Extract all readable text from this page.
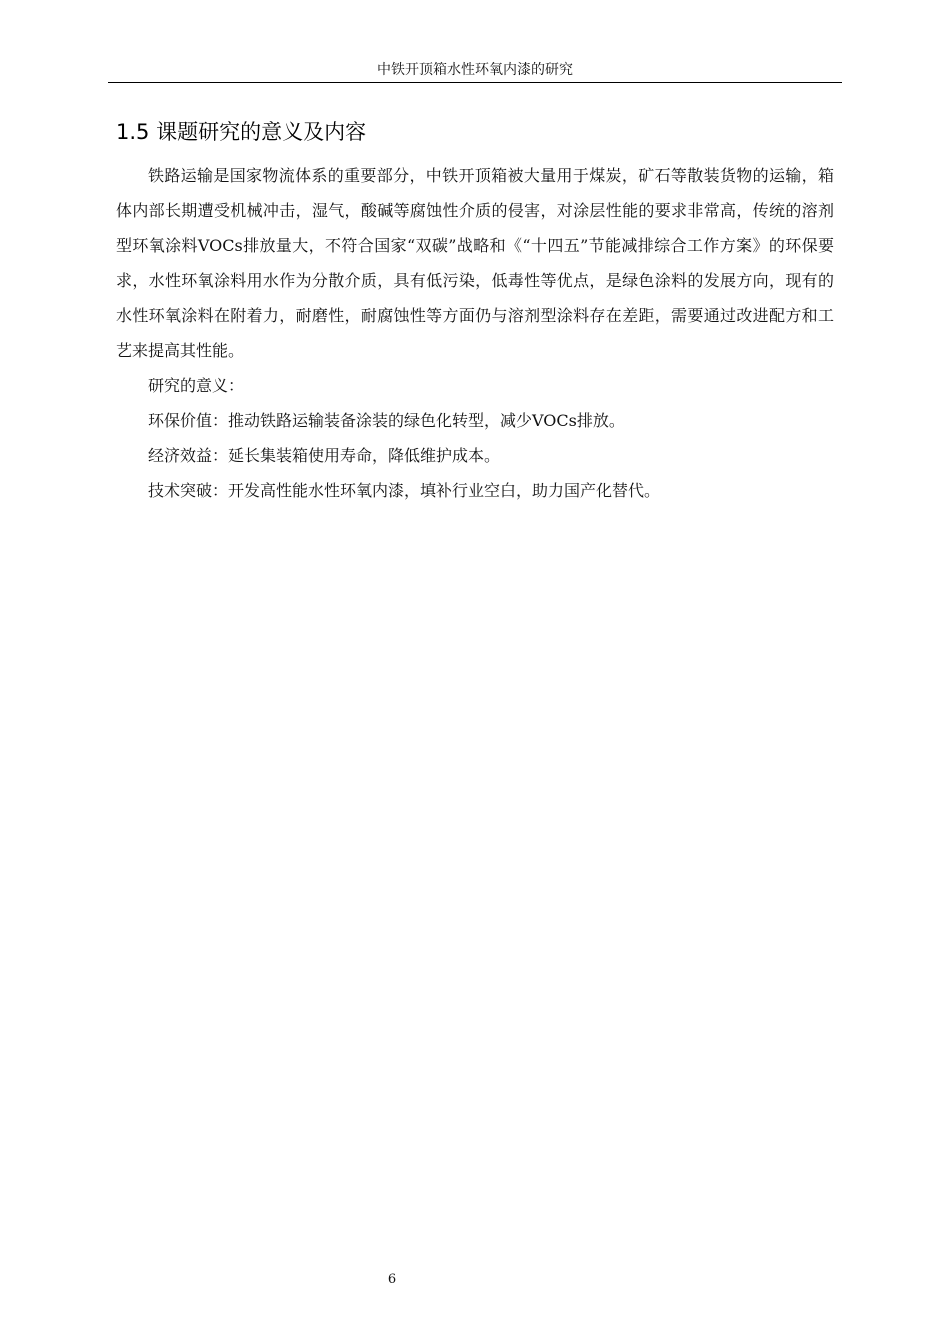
中铁开顶箱水性环氧内漆的研究
1.5 课题研究的意义及内容

铁路运输是国家物流体系的重要部分，中铁开顶箱被大量用于煤炭，矿石等散装货物的运输，箱体内部长期遭受机械冲击，湿气，酸碱等腐蚀性介质的侵害，对涂层性能的要求非常高，传统的溶剂型环氧涂料VOCs排放量大，不符合国家“双碳”战略和《“十四五”节能减排综合工作方案》的环保要求，水性环氧涂料用水作为分散介质，具有低污染，低毒性等优点，是绿色涂料的发展方向，现有的水性环氧涂料在附着力，耐磨性，耐腐蚀性等方面仍与溶剂型涂料存在差距，需要通过改进配方和工艺来提高其性能。

研究的意义：

环保价值：推动铁路运输装备涂装的绿色化转型，减少VOCs排放。

经济效益：延长集装箱使用寿命，降低维护成本。

技术突破：开发高性能水性环氧内漆，填补行业空白，助力国产化替代。

6
